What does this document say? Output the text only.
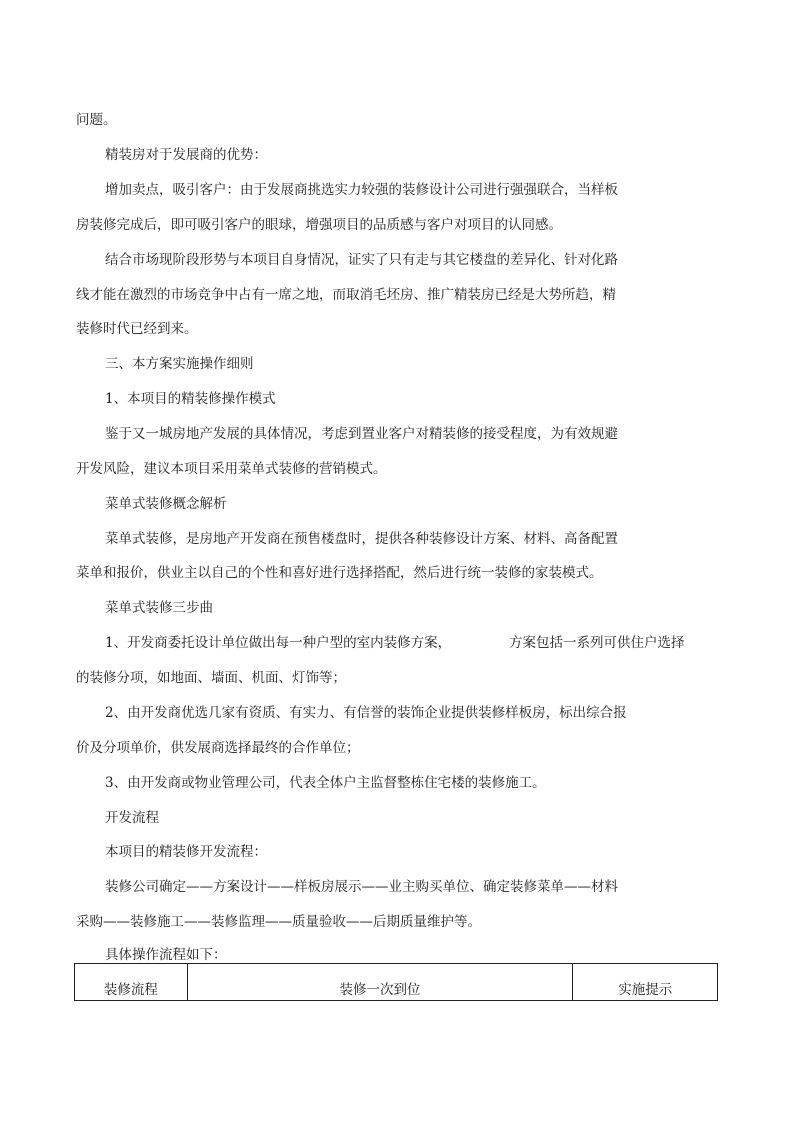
问题。
精装房对于发展商的优势：
增加卖点，吸引客户：由于发展商挑选实力较强的装修设计公司进行强强联合，当样板
房装修完成后，即可吸引客户的眼球，增强项目的品质感与客户对项目的认同感。
结合市场现阶段形势与本项目自身情况，证实了只有走与其它楼盘的差异化、针对化路
线才能在激烈的市场竞争中占有一席之地，而取消毛坯房、推广精装房已经是大势所趋，精
装修时代已经到来。
三、本方案实施操作细则
1、本项目的精装修操作模式
鉴于又一城房地产发展的具体情况，考虑到置业客户对精装修的接受程度，为有效规避
开发风险，建议本项目采用菜单式装修的营销模式。
菜单式装修概念解析
菜单式装修，是房地产开发商在预售楼盘时，提供各种装修设计方案、材料、高备配置
菜单和报价，供业主以自己的个性和喜好进行选择搭配，然后进行统一装修的家装模式。
菜单式装修三步曲
1、开发商委托设计单位做出每一种户型的室内装修方案，	方案包括一系列可供住户选择
的装修分项，如地面、墙面、机面、灯饰等；
2、由开发商优选几家有资质、有实力、有信誉的装饰企业提供装修样板房，标出综合报
价及分项单价，供发展商选择最终的合作单位；
3、由开发商或物业管理公司，代表全体户主监督整栋住宅楼的装修施工。
开发流程
本项目的精装修开发流程：
装修公司确定——方案设计——样板房展示——业主购买单位、确定装修菜单——材料
采购——装修施工——装修监理——质量验收——后期质量维护等。
具体操作流程如下：
装修流程	装修一次到位	实施提示
